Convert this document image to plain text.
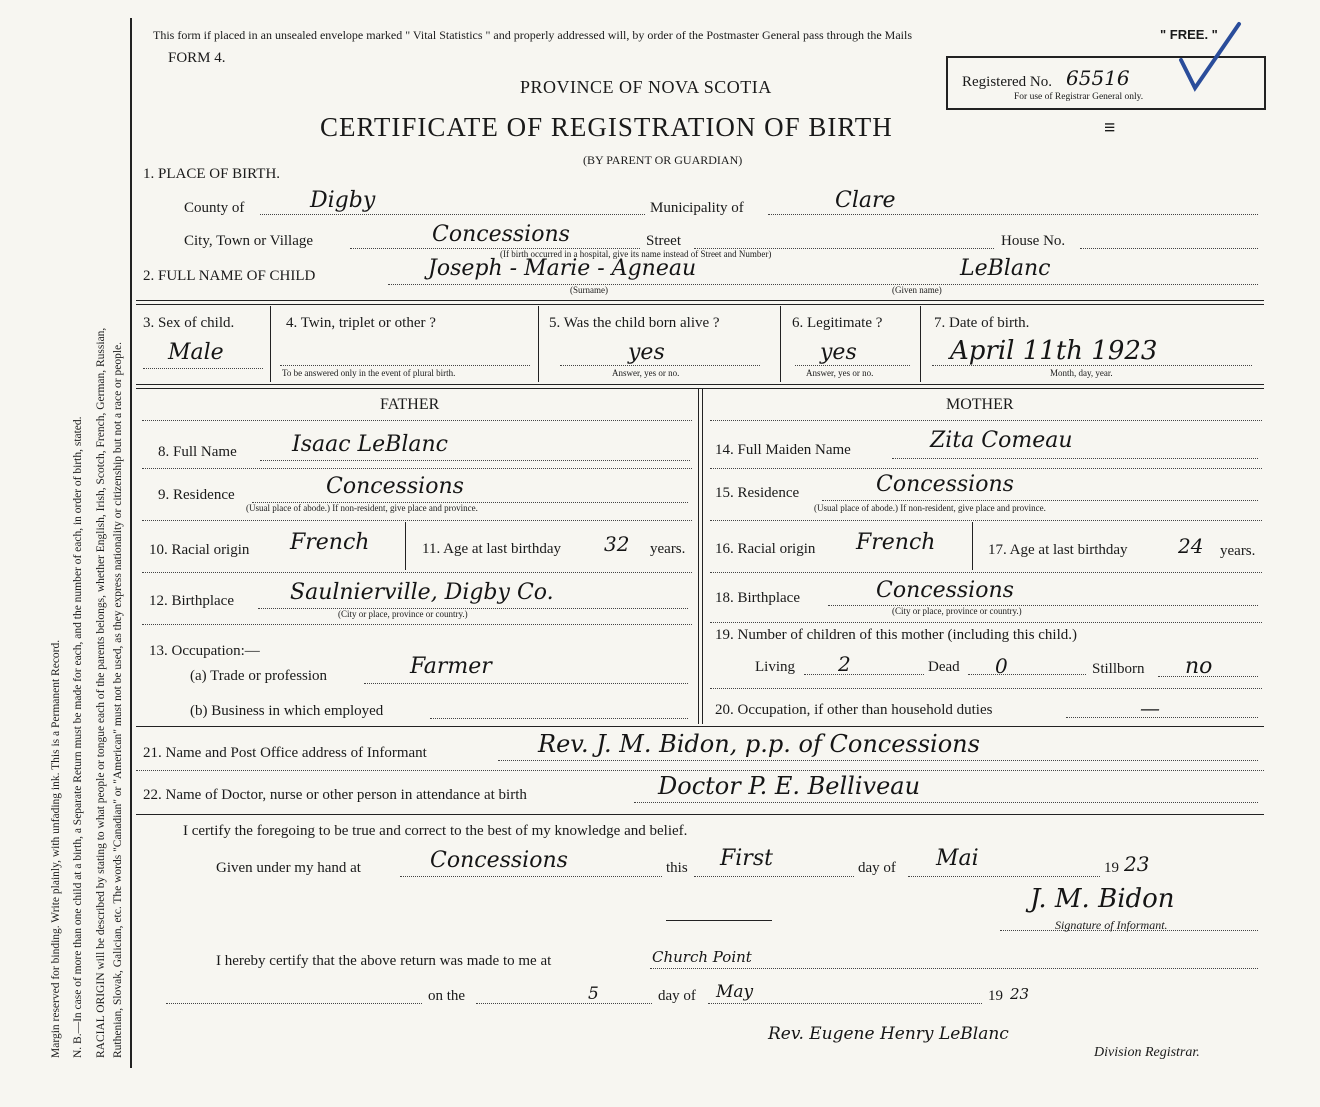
Margin reserved for binding. Write plainly, with unfading ink. This is a Permanent Record. N. B.—In case of more than one child at a birth, a Separate Return must be made for each, and the number of each, in order of birth, stated. RACIAL ORIGIN will be described by stating to what people or tongue each of the parents belongs, whether English, Irish, Scotch, French, German, Russian, Ruthenian, Slovak, Galician, etc. The words "Canadian" or "American" must not be used, as they express nationality or citizenship but not a race or people.
This form if placed in an unsealed envelope marked " Vital Statistics " and properly addressed will, by order of the Postmaster General pass through the Mails	" FREE. "
FORM 4.
PROVINCE OF NOVA SCOTIA
CERTIFICATE OF REGISTRATION OF BIRTH
(BY PARENT OR GUARDIAN)
≡
Registered No. 65516
For use of Registrar General only.
1. PLACE OF BIRTH.
County of	Digby	Municipality of	Clare
City, Town or Village	Concessions	Street
(If birth occurred in a hospital, give its name instead of Street and Number)
House No.
2. FULL NAME OF CHILD	Joseph - Marie - Agneau	LeBlanc
(Surname)	(Given name)
3. Sex of child.
Male
4. Twin, triplet or other ?
To be answered only in the event of plural birth.
5. Was the child born alive ?
yes
Answer, yes or no.
6. Legitimate ?
yes
Answer, yes or no.
7. Date of birth.
April 11th 1923
Month, day, year.
FATHER
8. Full Name	Isaac LeBlanc
9. Residence	Concessions
(Usual place of abode.) If non-resident, give place and province.
10. Racial origin French	11. Age at last birthday 32 years.
12. Birthplace	Saulnierville, Digby Co.
(City or place, province or country.)
13. Occupation:—
(a) Trade or profession	Farmer
(b) Business in which employed
MOTHER
14. Full Maiden Name	Zita Comeau
15. Residence	Concessions
(Usual place of abode.) If non-resident, give place and province.
16. Racial origin French	17. Age at last birthday	24 years.
18. Birthplace	Concessions
(City or place, province or country.)
19. Number of children of this mother (including this child.)
Living 2	Dead 0	Stillborn no
20. Occupation, if other than household duties	—
21. Name and Post Office address of Informant	Rev. J. M. Bidon, p.p. of Concessions
22. Name of Doctor, nurse or other person in attendance at birth	Doctor P. E. Belliveau
I certify the foregoing to be true and correct to the best of my knowledge and belief.
Given under my hand at	Concessions	this First	day of Mai	19 23
J. M. Bidon
Signature of Informant.
I hereby certify that the above return was made to me at	Church Point
on the	5	day of May	19 23
Rev. Eugene Henry LeBlanc
Division Registrar.
